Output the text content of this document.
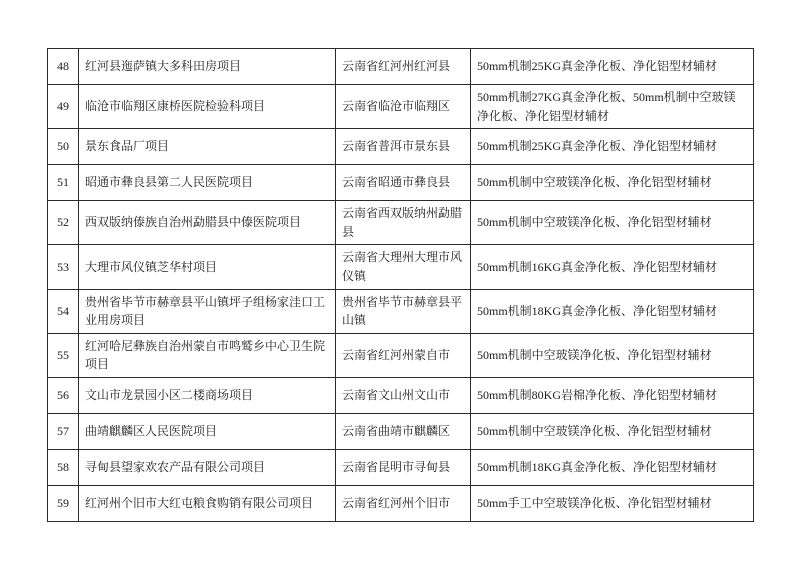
48	红河县迤萨镇大多科田房项目	云南省红河州红河县	50mm机制25KG真金净化板、净化铝型材辅材
49	临沧市临翔区康桥医院检验科项目	云南省临沧市临翔区	50mm机制27KG真金净化板、50mm机制中空玻镁净化板、净化铝型材辅材
50	景东食品厂项目	云南省普洱市景东县	50mm机制25KG真金净化板、净化铝型材辅材
51	昭通市彝良县第二人民医院项目	云南省昭通市彝良县	50mm机制中空玻镁净化板、净化铝型材辅材
52	西双版纳傣族自治州勐腊县中傣医院项目	云南省西双版纳州勐腊县	50mm机制中空玻镁净化板、净化铝型材辅材
53	大理市风仪镇芝华村项目	云南省大理州大理市风仪镇	50mm机制16KG真金净化板、净化铝型材辅材
54	贵州省毕节市赫章县平山镇坪子组杨家洼口工业用房项目	贵州省毕节市赫章县平山镇	50mm机制18KG真金净化板、净化铝型材辅材
55	红河哈尼彝族自治州蒙自市鸣鹫乡中心卫生院项目	云南省红河州蒙自市	50mm机制中空玻镁净化板、净化铝型材辅材
56	文山市龙景园小区二楼商场项目	云南省文山州文山市	50mm机制80KG岩棉净化板、净化铝型材辅材
57	曲靖麒麟区人民医院项目	云南省曲靖市麒麟区	50mm机制中空玻镁净化板、净化铝型材辅材
58	寻甸县望家欢农产品有限公司项目	云南省昆明市寻甸县	50mm机制18KG真金净化板、净化铝型材辅材
59	红河州个旧市大红屯粮食购销有限公司项目	云南省红河州个旧市	50mm手工中空玻镁净化板、净化铝型材辅材
